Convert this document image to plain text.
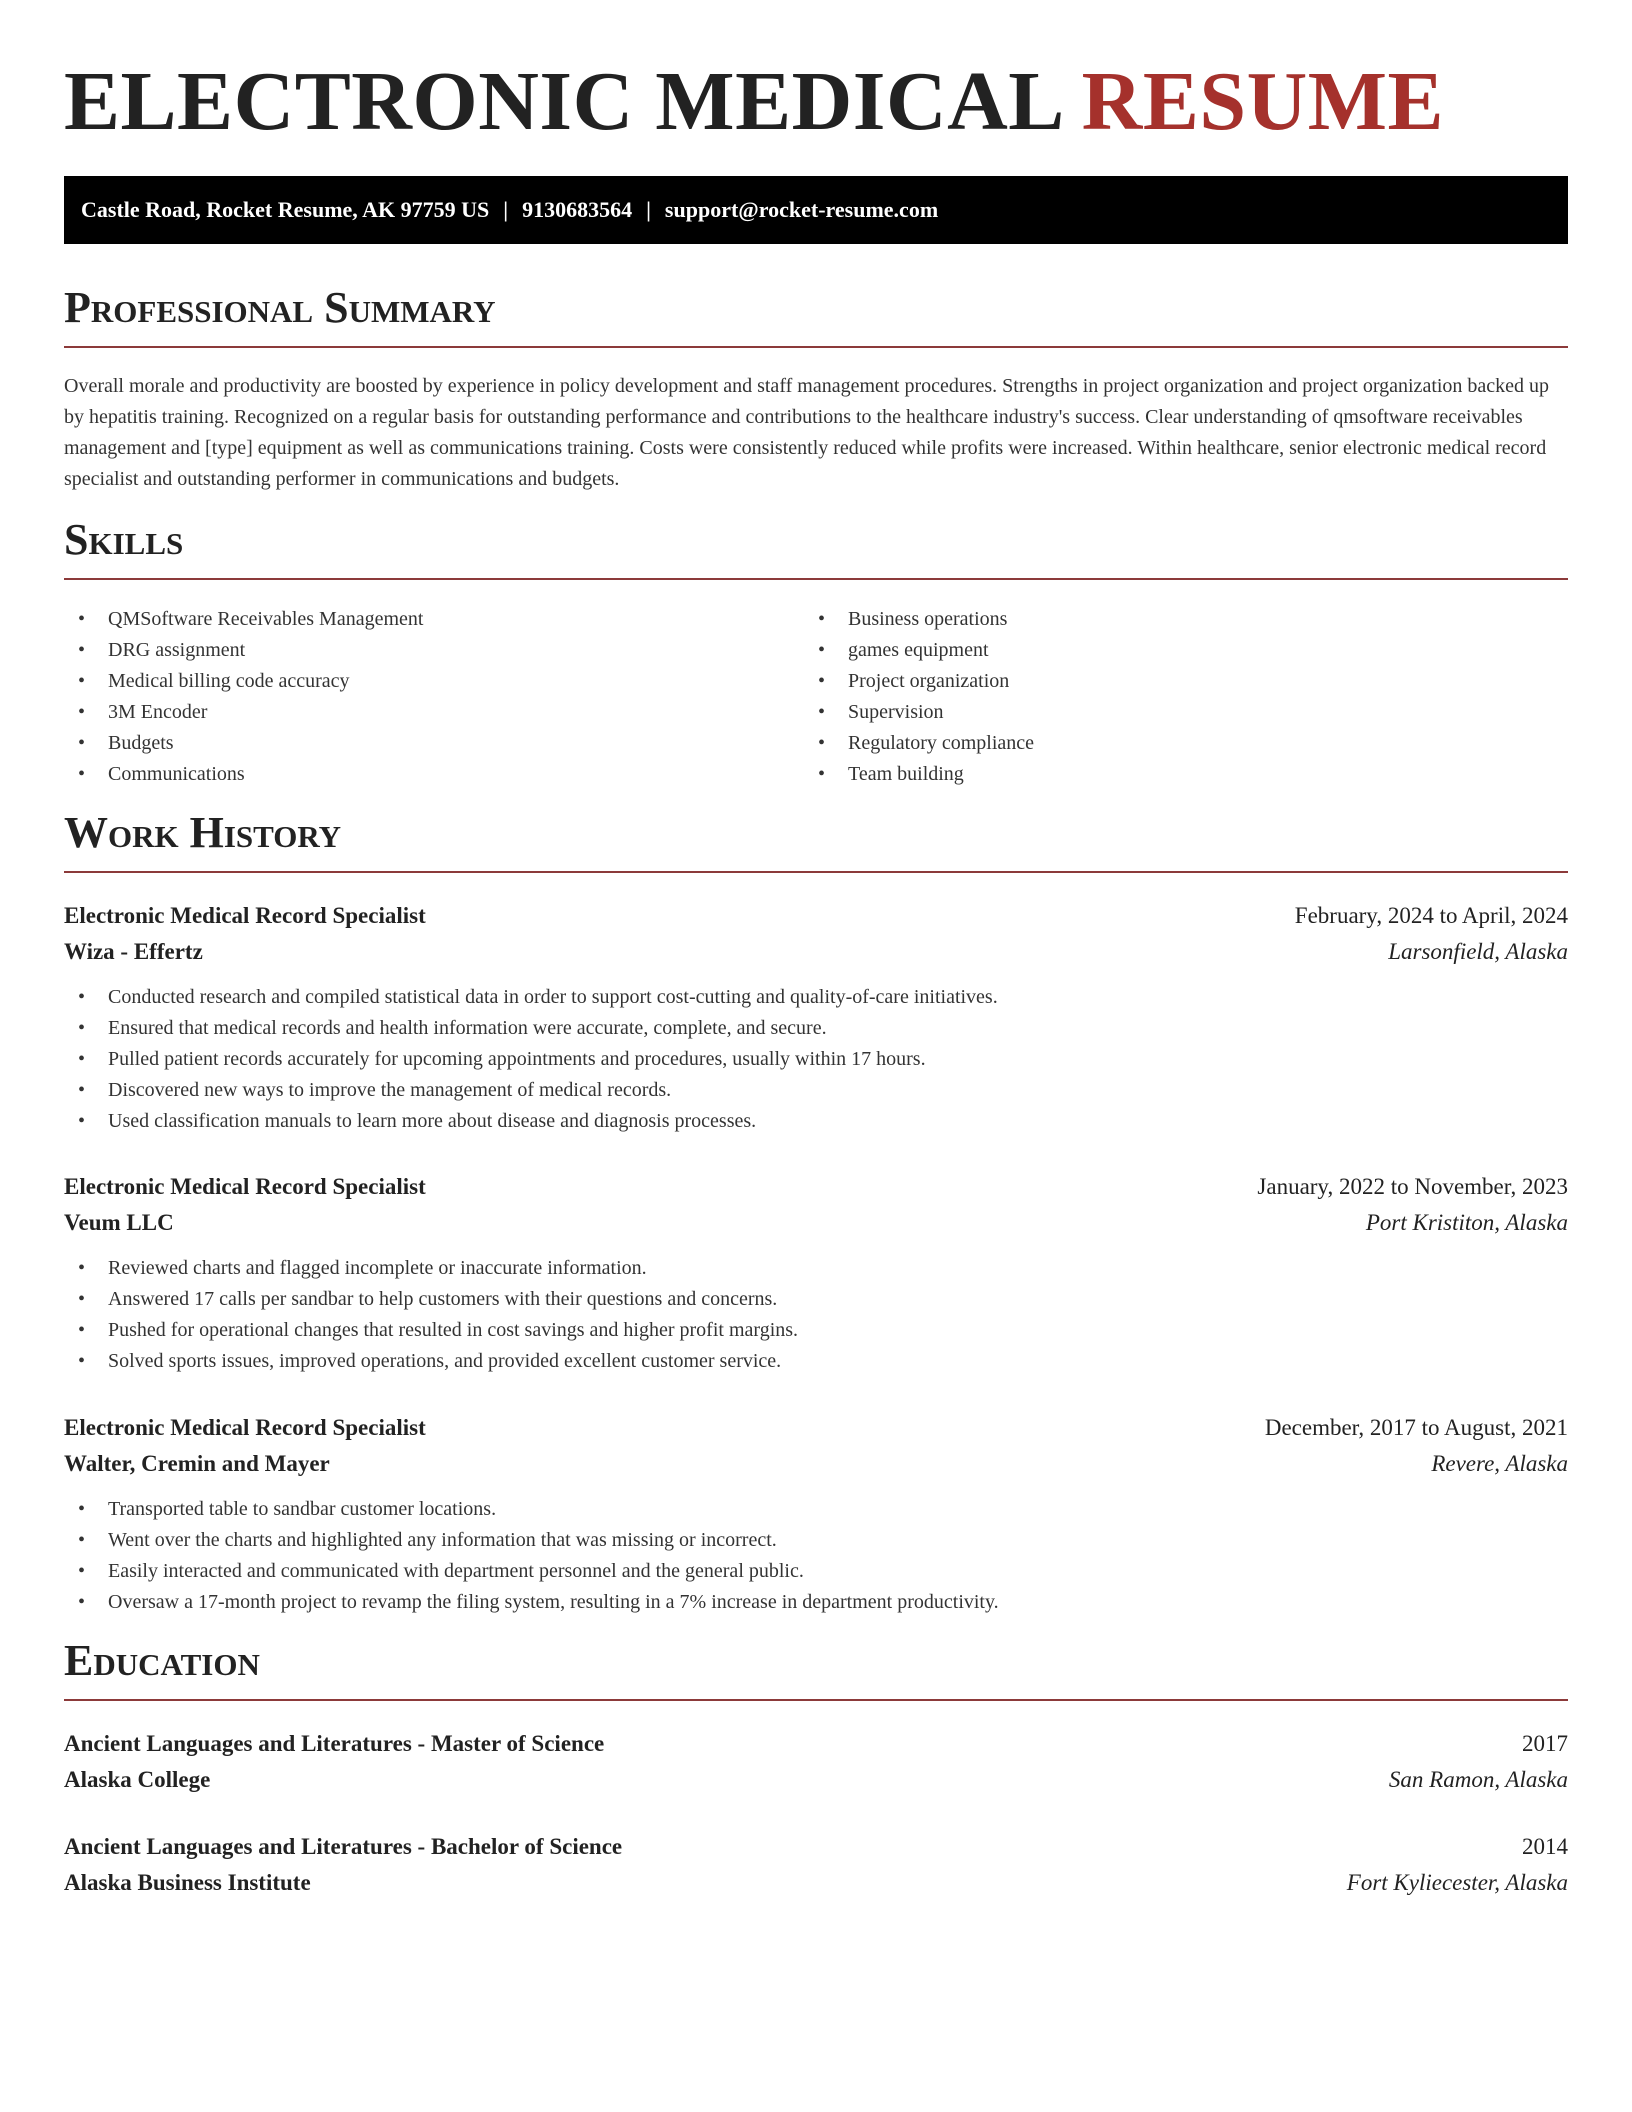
ELECTRONIC MEDICAL RESUME
Castle Road, Rocket Resume, AK 97759 US | 9130683564 | support@rocket-resume.com
Professional Summary

Overall morale and productivity are boosted by experience in policy development and staff management procedures. Strengths in project organization and project organization backed up by hepatitis training. Recognized on a regular basis for outstanding performance and contributions to the healthcare industry's success. Clear understanding of qmsoftware receivables management and [type] equipment as well as communications training. Costs were consistently reduced while profits were increased. Within healthcare, senior electronic medical record specialist and outstanding performer in communications and budgets.

Skills
• QMSoftware Receivables Management
• DRG assignment
• Medical billing code accuracy
• 3M Encoder
• Budgets
• Communications
• Business operations
• games equipment
• Project organization
• Supervision
• Regulatory compliance
• Team building
Work History
Electronic Medical Record Specialist	February, 2024 to April, 2024
Wiza - Effertz	Larsonfield, Alaska
• Conducted research and compiled statistical data in order to support cost-cutting and quality-of-care initiatives.
• Ensured that medical records and health information were accurate, complete, and secure.
• Pulled patient records accurately for upcoming appointments and procedures, usually within 17 hours.
• Discovered new ways to improve the management of medical records.
• Used classification manuals to learn more about disease and diagnosis processes.
Electronic Medical Record Specialist	January, 2022 to November, 2023
Veum LLC	Port Kristiton, Alaska
• Reviewed charts and flagged incomplete or inaccurate information.
• Answered 17 calls per sandbar to help customers with their questions and concerns.
• Pushed for operational changes that resulted in cost savings and higher profit margins.
• Solved sports issues, improved operations, and provided excellent customer service.
Electronic Medical Record Specialist	December, 2017 to August, 2021
Walter, Cremin and Mayer	Revere, Alaska
• Transported table to sandbar customer locations.
• Went over the charts and highlighted any information that was missing or incorrect.
• Easily interacted and communicated with department personnel and the general public.
• Oversaw a 17-month project to revamp the filing system, resulting in a 7% increase in department productivity.
Education
Ancient Languages and Literatures - Master of Science	2017
Alaska College	San Ramon, Alaska
Ancient Languages and Literatures - Bachelor of Science	2014
Alaska Business Institute	Fort Kyliecester, Alaska
